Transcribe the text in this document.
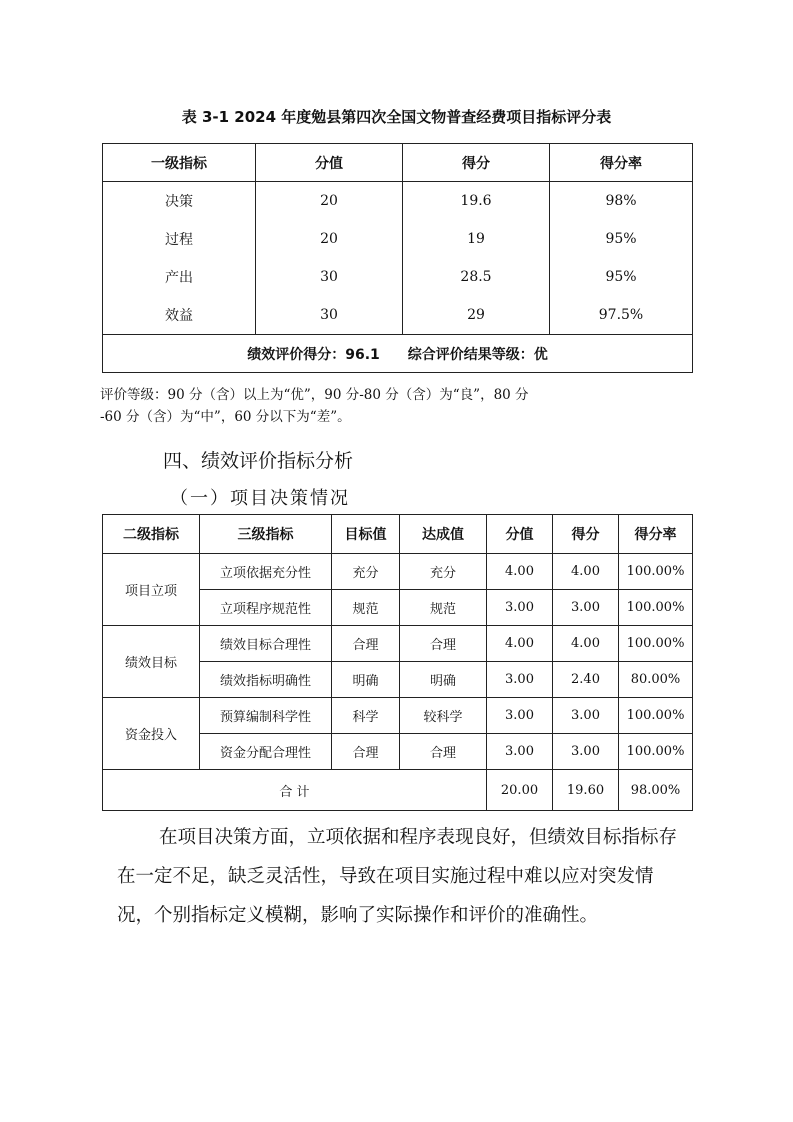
表 3-1 2024 年度勉县第四次全国文物普查经费项目指标评分表
一级指标	分值	得分	得分率
决策	20	19.6	98%
过程	20	19	95%
产出	30	28.5	95%
效益	30	29	97.5%
绩效评价得分：96.1　　综合评价结果等级：优			
评价等级：90 分（含）以上为“优”，90 分-80 分（含）为“良”，80 分
-60 分（含）为“中”，60 分以下为“差”。
四、绩效评价指标分析
（一）项目决策情况
二级指标	三级指标	目标值	达成值	分值	得分	得分率
项目立项	立项依据充分性	充分	充分	4.00	4.00	100.00%
	立项程序规范性	规范	规范	3.00	3.00	100.00%
绩效目标	绩效目标合理性	合理	合理	4.00	4.00	100.00%
	绩效指标明确性	明确	明确	3.00	2.40	80.00%
资金投入	预算编制科学性	科学	较科学	3.00	3.00	100.00%
	资金分配合理性	合理	合理	3.00	3.00	100.00%
合 计				20.00	19.60	98.00%
在项目决策方面，立项依据和程序表现良好，但绩效目标指标存在一定不足，缺乏灵活性，导致在项目实施过程中难以应对突发情况，个别指标定义模糊，影响了实际操作和评价的准确性。
